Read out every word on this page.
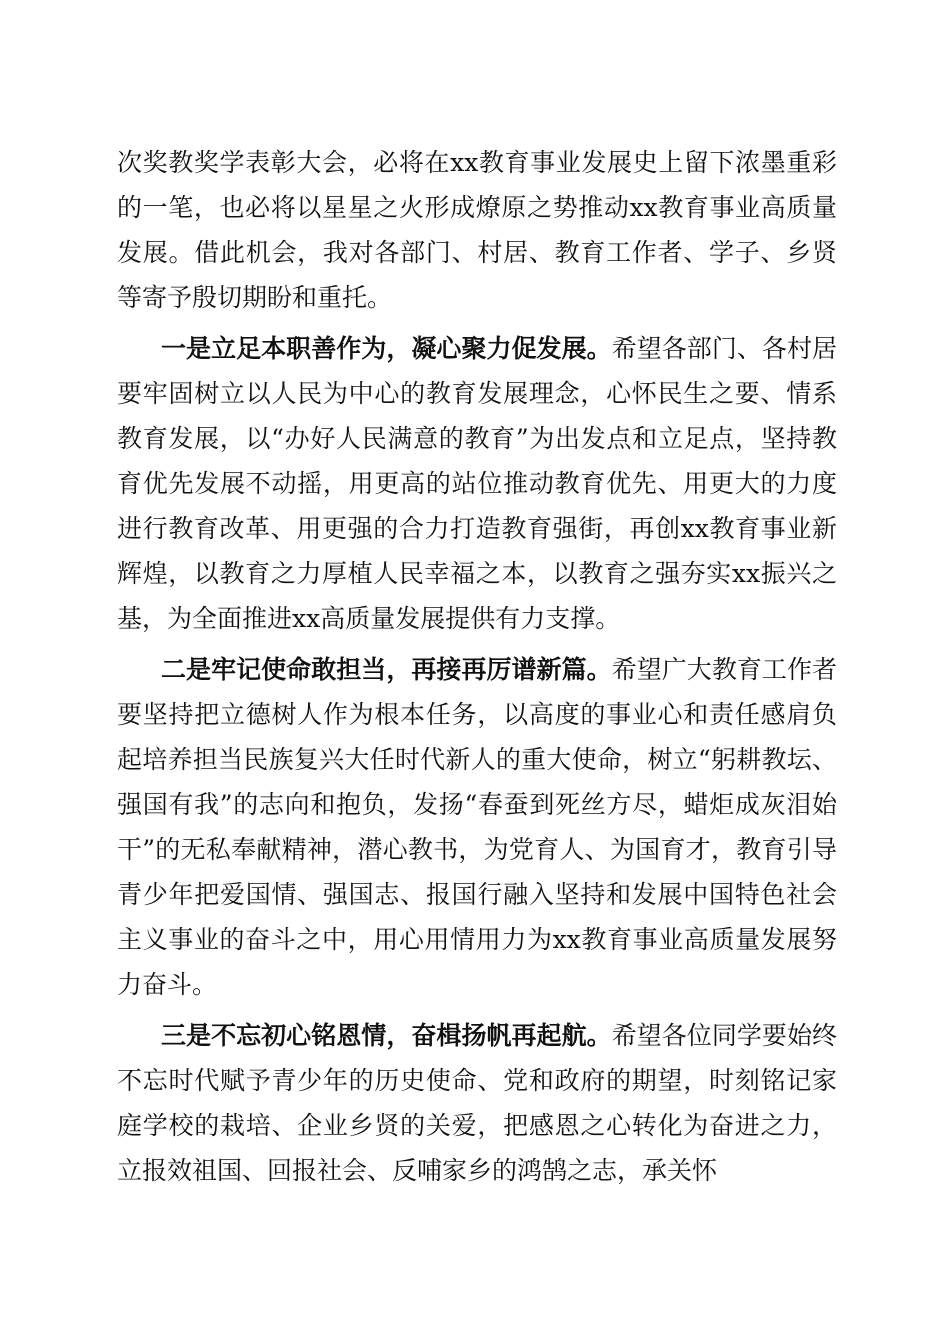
次奖教奖学表彰大会，必将在xx教育事业发展史上留下浓墨重彩的一笔，也必将以星星之火形成燎原之势推动xx教育事业高质量发展。借此机会，我对各部门、村居、教育工作者、学子、乡贤等寄予殷切期盼和重托。

一是立足本职善作为，凝心聚力促发展。希望各部门、各村居要牢固树立以人民为中心的教育发展理念，心怀民生之要、情系教育发展，以“办好人民满意的教育”为出发点和立足点，坚持教育优先发展不动摇，用更高的站位推动教育优先、用更大的力度进行教育改革、用更强的合力打造教育强街，再创xx教育事业新辉煌，以教育之力厚植人民幸福之本，以教育之强夯实xx振兴之基，为全面推进xx高质量发展提供有力支撑。

二是牢记使命敢担当，再接再厉谱新篇。希望广大教育工作者要坚持把立德树人作为根本任务，以高度的事业心和责任感肩负起培养担当民族复兴大任时代新人的重大使命，树立“躬耕教坛、强国有我”的志向和抱负，发扬“春蚕到死丝方尽，蜡炬成灰泪始干”的无私奉献精神，潜心教书，为党育人、为国育才，教育引导青少年把爱国情、强国志、报国行融入坚持和发展中国特色社会主义事业的奋斗之中，用心用情用力为xx教育事业高质量发展努力奋斗。

三是不忘初心铭恩情，奋楫扬帆再起航。希望各位同学要始终不忘时代赋予青少年的历史使命、党和政府的期望，时刻铭记家庭学校的栽培、企业乡贤的关爱，把感恩之心转化为奋进之力，立报效祖国、回报社会、反哺家乡的鸿鹄之志，承关怀
